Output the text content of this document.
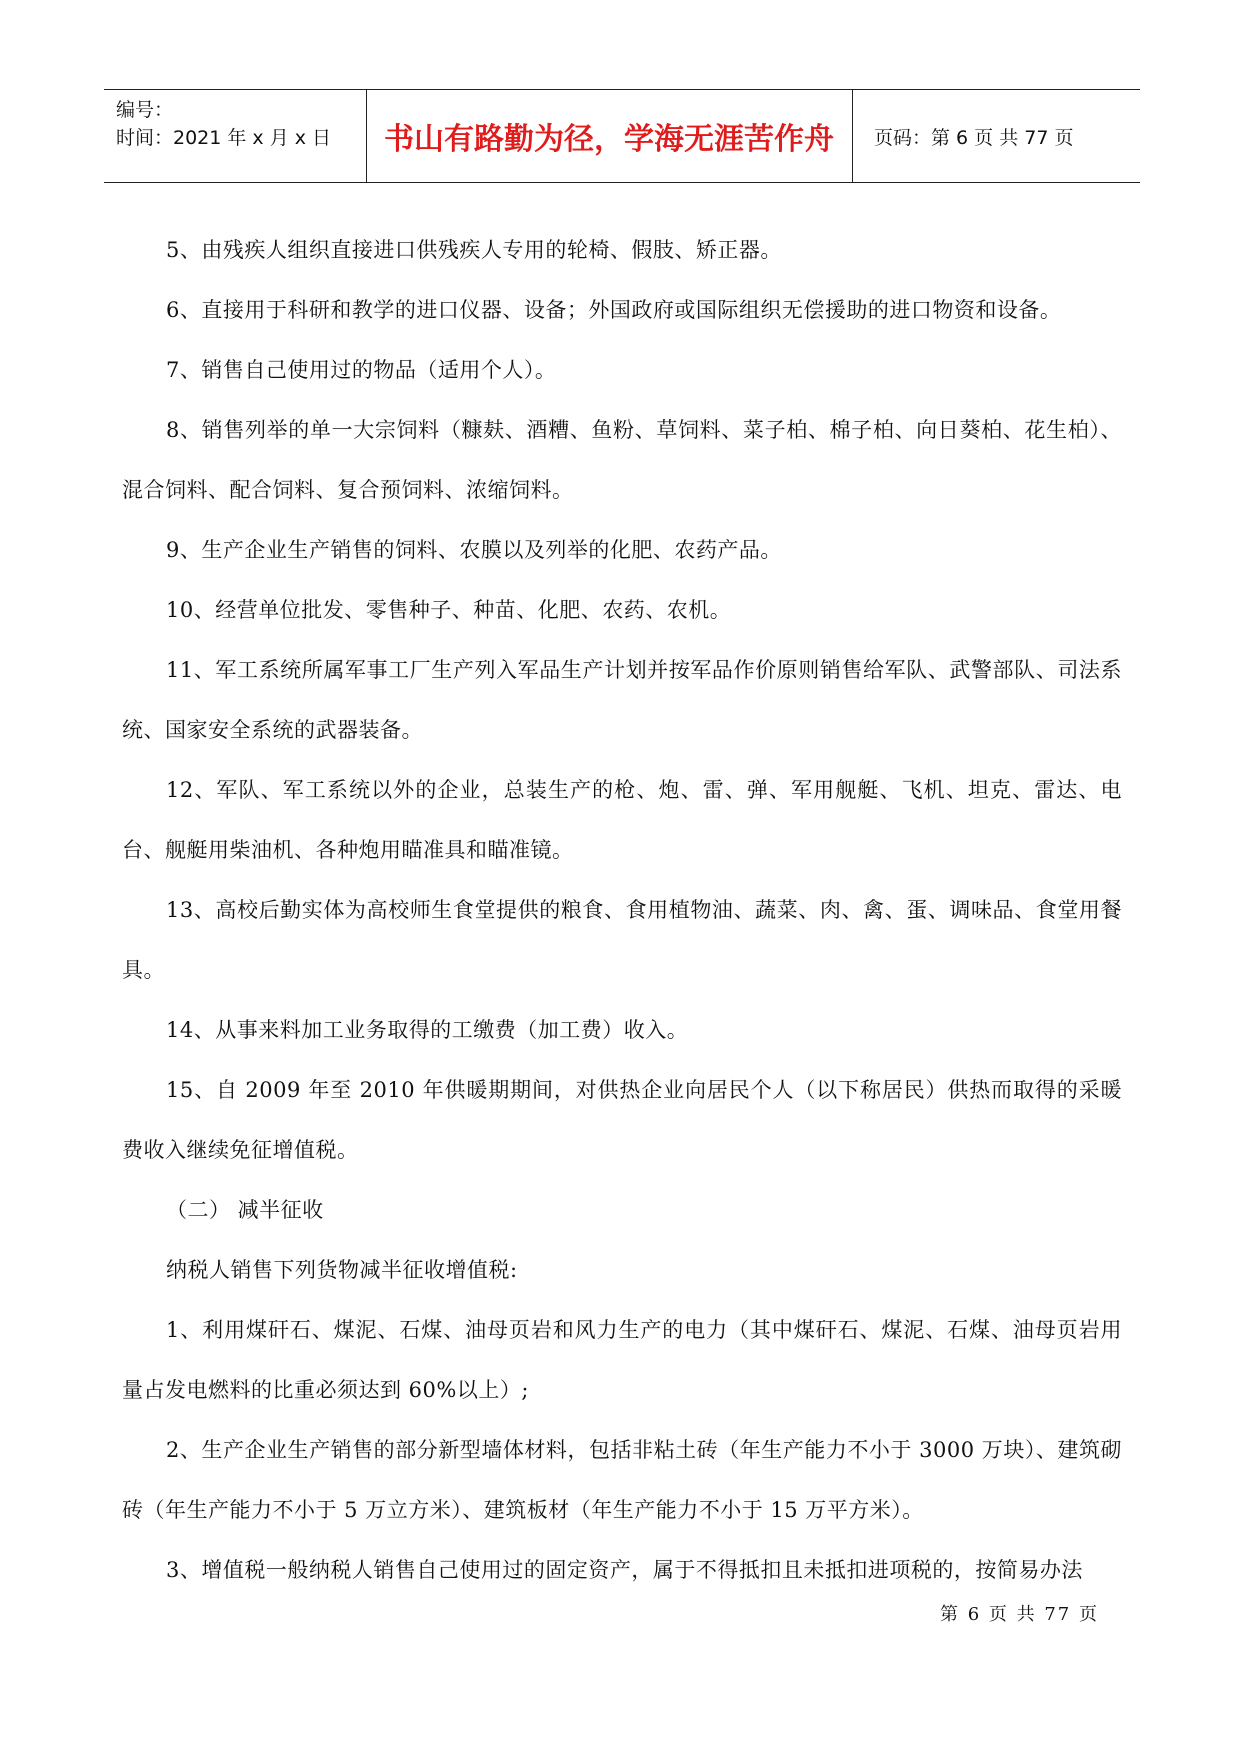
编号：
时间：2021 年 x 月 x 日	书山有路勤为径，学海无涯苦作舟	页码：第 6 页 共 77 页

5、由残疾人组织直接进口供残疾人专用的轮椅、假肢、矫正器。

6、直接用于科研和教学的进口仪器、设备；外国政府或国际组织无偿援助的进口物资和设备。

7、销售自己使用过的物品（适用个人）。

8、销售列举的单一大宗饲料（糠麸、酒糟、鱼粉、草饲料、菜子柏、棉子柏、向日葵柏、花生柏）、混合饲料、配合饲料、复合预饲料、浓缩饲料。

9、生产企业生产销售的饲料、农膜以及列举的化肥、农药产品。

10、经营单位批发、零售种子、种苗、化肥、农药、农机。

11、军工系统所属军事工厂生产列入军品生产计划并按军品作价原则销售给军队、武警部队、司法系统、国家安全系统的武器装备。

12、军队、军工系统以外的企业，总装生产的枪、炮、雷、弹、军用舰艇、飞机、坦克、雷达、电台、舰艇用柴油机、各种炮用瞄准具和瞄准镜。

13、高校后勤实体为高校师生食堂提供的粮食、食用植物油、蔬菜、肉、禽、蛋、调味品、食堂用餐具。

14、从事来料加工业务取得的工缴费（加工费）收入。

15、自 2009 年至 2010 年供暖期期间，对供热企业向居民个人（以下称居民）供热而取得的采暖费收入继续免征增值税。

（二） 减半征收

纳税人销售下列货物减半征收增值税:

1、利用煤矸石、煤泥、石煤、油母页岩和风力生产的电力（其中煤矸石、煤泥、石煤、油母页岩用量占发电燃料的比重必须达到 60%以上）;

2、生产企业生产销售的部分新型墙体材料，包括非粘土砖（年生产能力不小于 3000 万块）、建筑砌砖（年生产能力不小于 5 万立方米）、建筑板材（年生产能力不小于 15 万平方米）。

3、增值税一般纳税人销售自己使用过的固定资产，属于不得抵扣且未抵扣进项税的，按简易办法

第 6 页 共 77 页
